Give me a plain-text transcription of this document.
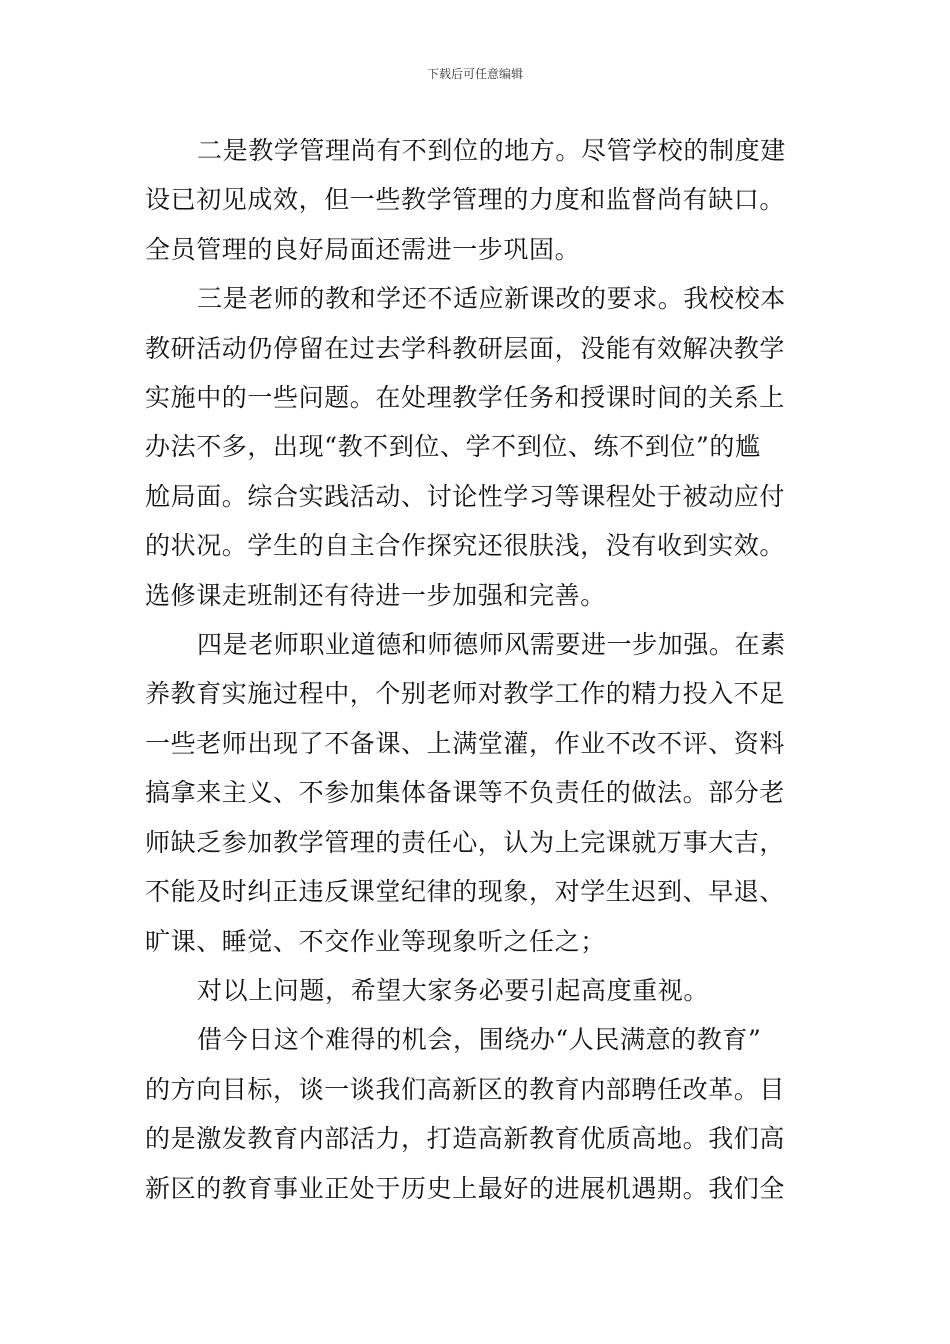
下载后可任意编辑

二是教学管理尚有不到位的地方。尽管学校的制度建
设已初见成效，但一些教学管理的力度和监督尚有缺口。
全员管理的良好局面还需进一步巩固。

三是老师的教和学还不适应新课改的要求。我校校本
教研活动仍停留在过去学科教研层面，没能有效解决教学
实施中的一些问题。在处理教学任务和授课时间的关系上
办法不多，出现“教不到位、学不到位、练不到位”的尴
尬局面。综合实践活动、讨论性学习等课程处于被动应付
的状况。学生的自主合作探究还很肤浅，没有收到实效。
选修课走班制还有待进一步加强和完善。

四是老师职业道德和师德师风需要进一步加强。在素
养教育实施过程中，个别老师对教学工作的精力投入不足
一些老师出现了不备课、上满堂灌，作业不改不评、资料
搞拿来主义、不参加集体备课等不负责任的做法。部分老
师缺乏参加教学管理的责任心，认为上完课就万事大吉，
不能及时纠正违反课堂纪律的现象，对学生迟到、早退、
旷课、睡觉、不交作业等现象听之任之；

对以上问题，希望大家务必要引起高度重视。

借今日这个难得的机会，围绕办“人民满意的教育”
的方向目标，谈一谈我们高新区的教育内部聘任改革。目
的是激发教育内部活力，打造高新教育优质高地。我们高
新区的教育事业正处于历史上最好的进展机遇期。我们全
